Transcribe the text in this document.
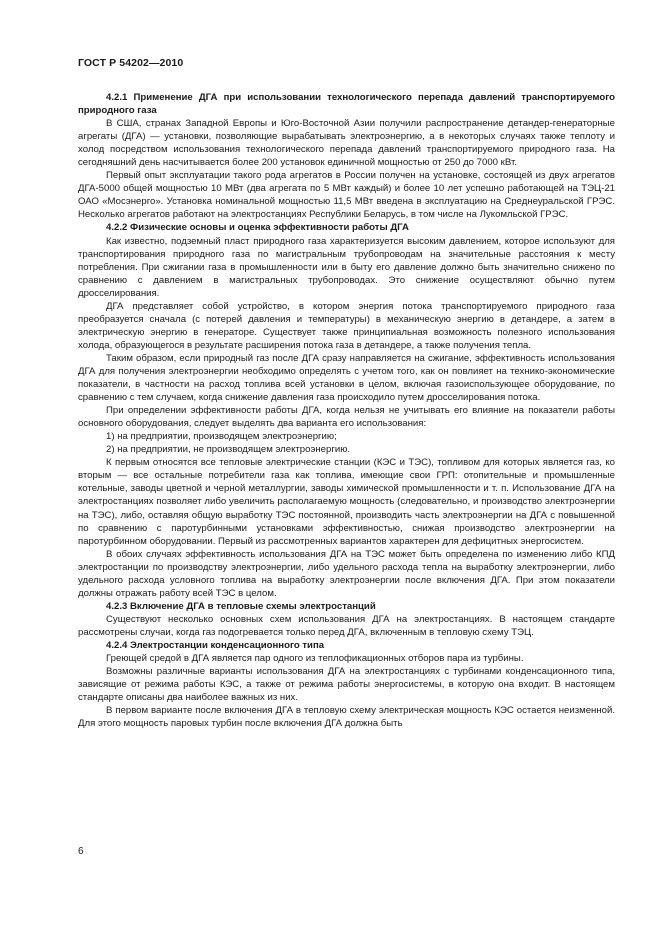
ГОСТ Р 54202—2010

4.2.1 Применение ДГА при использовании технологического перепада давлений транспортируемого природного газа

В США, странах Западной Европы и Юго-Восточной Азии получили распространение детандер-генераторные агрегаты (ДГА) — установки, позволяющие вырабатывать электроэнергию, а в некоторых случаях также теплоту и холод посредством использования технологического перепада давлений транспортируемого природного газа. На сегодняшний день насчитывается более 200 установок единичной мощностью от 250 до 7000 кВт.

Первый опыт эксплуатации такого рода агрегатов в России получен на установке, состоящей из двух агрегатов ДГА-5000 общей мощностью 10 МВт (два агрегата по 5 МВт каждый) и более 10 лет успешно работающей на ТЭЦ-21 ОАО «Мосэнерго». Установка номинальной мощностью 11,5 МВт введена в эксплуатацию на Среднеуральской ГРЭС. Несколько агрегатов работают на электростанциях Республики Беларусь, в том числе на Лукомльской ГРЭС.

4.2.2 Физические основы и оценка эффективности работы ДГА

Как известно, подземный пласт природного газа характеризуется высоким давлением, которое используют для транспортирования природного газа по магистральным трубопроводам на значительные расстояния к месту потребления. При сжигании газа в промышленности или в быту его давление должно быть значительно снижено по сравнению с давлением в магистральных трубопроводах. Это снижение осуществляют обычно путем дросселирования.

ДГА представляет собой устройство, в котором энергия потока транспортируемого природного газа преобразуется сначала (с потерей давления и температуры) в механическую энергию в детандере, а затем в электрическую энергию в генераторе. Существует также принципиальная возможность полезного использования холода, образующегося в результате расширения потока газа в детандере, а также получения тепла.

Таким образом, если природный газ после ДГА сразу направляется на сжигание, эффективность использования ДГА для получения электроэнергии необходимо определять с учетом того, как он повлияет на технико-экономические показатели, в частности на расход топлива всей установки в целом, включая газоиспользующее оборудование, по сравнению с тем случаем, когда снижение давления газа происходило путем дросселирования потока.

При определении эффективности работы ДГА, когда нельзя не учитывать его влияние на показатели работы основного оборудования, следует выделять два варианта его использования:

1) на предприятии, производящем электроэнергию;

2) на предприятии, не производящем электроэнергию.

К первым относятся все тепловые электрические станции (КЭС и ТЭС), топливом для которых является газ, ко вторым — все остальные потребители газа как топлива, имеющие свои ГРП: отопительные и промышленные котельные, заводы цветной и черной металлургии, заводы химической промышленности и т. п. Использование ДГА на электростанциях позволяет либо увеличить располагаемую мощность (следовательно, и производство электроэнергии на ТЭС), либо, оставляя общую выработку ТЭС постоянной, производить часть электроэнергии на ДГА с повышенной по сравнению с паротурбинными установками эффективностью, снижая производство электроэнергии на паротурбинном оборудовании. Первый из рассмотренных вариантов характерен для дефицитных энергосистем.

В обоих случаях эффективность использования ДГА на ТЭС может быть определена по изменению либо КПД электростанции по производству электроэнергии, либо удельного расхода тепла на выработку электроэнергии, либо удельного расхода условного топлива на выработку электроэнергии после включения ДГА. При этом показатели должны отражать работу всей ТЭС в целом.

4.2.3 Включение ДГА в тепловые схемы электростанций

Существуют несколько основных схем использования ДГА на электростанциях. В настоящем стандарте рассмотрены случаи, когда газ подогревается только перед ДГА, включенным в тепловую схему ТЭЦ.

4.2.4 Электростанции конденсационного типа

Греющей средой в ДГА является пар одного из теплофикационных отборов пара из турбины.

Возможны различные варианты использования ДГА на электростанциях с турбинами конденсационного типа, зависящие от режима работы КЭС, а также от режима работы энергосистемы, в которую она входит. В настоящем стандарте описаны два наиболее важных из них.

В первом варианте после включения ДГА в тепловую схему электрическая мощность КЭС остается неизменной. Для этого мощность паровых турбин после включения ДГА должна быть

6
